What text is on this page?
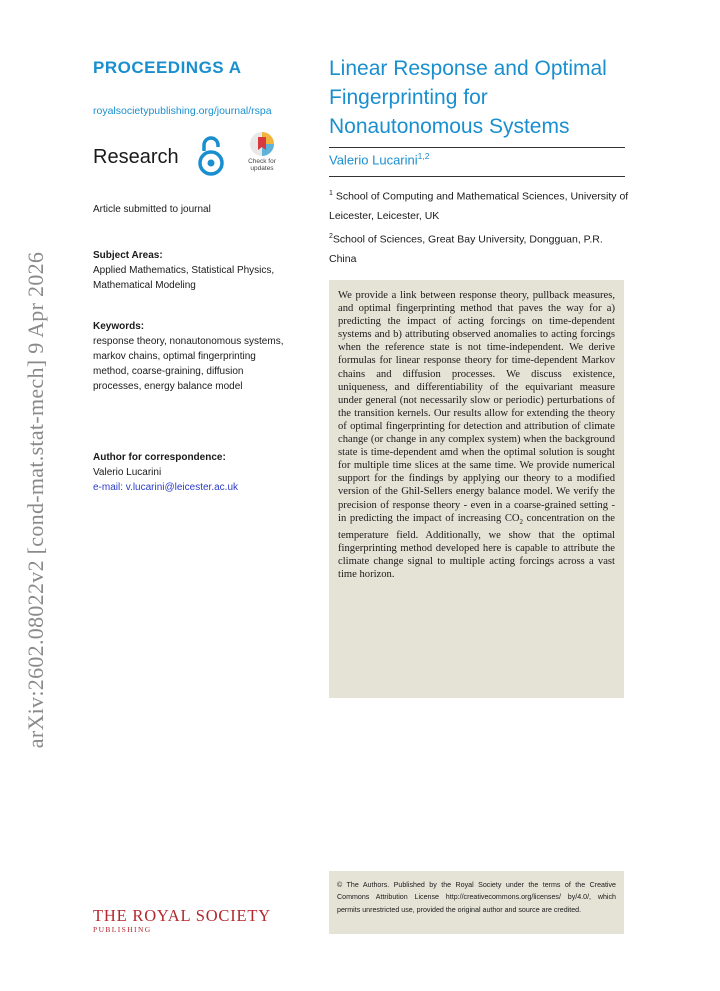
arXiv:2602.08022v2 [cond-mat.stat-mech] 9 Apr 2026
PROCEEDINGS A
royalsocietypublishing.org/journal/rspa
Research	Check for
updates
Article submitted to journal
Subject Areas:
Applied Mathematics, Statistical Physics, Mathematical Modeling
Keywords:
response theory, nonautonomous systems, markov chains, optimal fingerprinting method, coarse-graining, diffusion processes, energy balance model
Author for correspondence:
Valerio Lucarini
e-mail: v.lucarini@leicester.ac.uk
Linear Response and Optimal Fingerprinting for Nonautonomous Systems
Valerio Lucarini$^{1,2}$
$^1$ School of Computing and Mathematical Sciences, University of Leicester, Leicester, UK
$^2$School of Sciences, Great Bay University, Dongguan, P.R. China

We provide a link between response theory, pullback measures, and optimal fingerprinting method that paves the way for a) predicting the impact of acting forcings on time-dependent systems and b) attributing observed anomalies to acting forcings when the reference state is not time-independent. We derive formulas for linear response theory for time-dependent Markov chains and diffusion processes. We discuss existence, uniqueness, and differentiability of the equivariant measure under general (not necessarily slow or periodic) perturbations of the transition kernels. Our results allow for extending the theory of optimal fingerprinting for detection and attribution of climate change (or change in any complex system) when the background state is time-dependent amd when the optimal solution is sought for multiple time slices at the same time. We provide numerical support for the findings by applying our theory to a modified version of the Ghil-Sellers energy balance model. We verify the precision of response theory - even in a coarse-grained setting - in predicting the impact of increasing $CO_2$ concentration on the temperature field. Additionally, we show that the optimal fingerprinting method developed here is capable to attribute the climate change signal to multiple acting forcings across a vast time horizon.

© The Authors. Published by the Royal Society under the terms of the Creative Commons Attribution License http://creativecommons.org/licenses/ by/4.0/, which permits unrestricted use, provided the original author and source are credited.

THE ROYAL SOCIETY
PUBLISHING
